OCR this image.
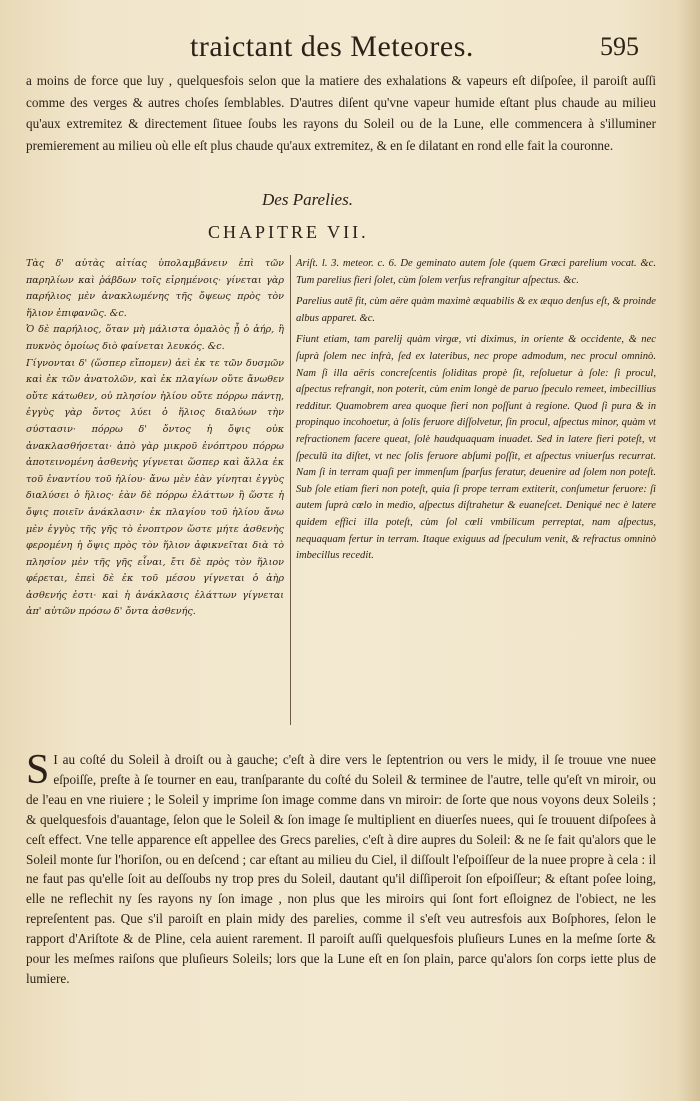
traictant des Meteores.	595

a moins de force que luy , quelquesfois selon que la matiere des exhalations & vapeurs eſt diſpoſee, il paroiſt auſſi comme des verges & autres choſes ſemblables. D'autres diſent qu'vne vapeur humide eſtant plus chaude au milieu qu'aux extremitez & directement ſituee ſoubs les rayons du Soleil ou de la Lune, elle commencera à s'illuminer premierement au milieu où elle eſt plus chaude qu'aux extremitez, & en ſe dilatant en rond elle fait la couronne.

Des Parelies.
CHAPITRE VII.

Τὰς δ' αὐτὰς αἰτίας ὑπολαμβάνειν ἐπὶ τῶν παρηλίων καὶ ῥάβδων τοῖς εἰρημένοις· γίνεται γὰρ παρήλιος μὲν ἀνακλωμένης τῆς ὄψεως πρὸς τὸν ἥλιον ἐπιφανῶς. &c.

Ὁ δὲ παρήλιος, ὅταν μὴ μάλιστα ὁμαλὸς ᾖ ὁ ἀήρ, ἢ πυκνὸς ὁμοίως διὸ φαίνεται λευκός. &c.

Γίγνονται δ' (ὥσπερ εἴπομεν) ἀεὶ ἐκ τε τῶν δυσμῶν καὶ ἐκ τῶν ἀνατολῶν, καὶ ἐκ πλαγίων οὔτε ἄνωθεν οὔτε κάτωθεν, οὐ πλησίον ἡλίου οὔτε πόρρω πάντῃ, ἐγγὺς γὰρ ὄντος λύει ὁ ἥλιος διαλύων τὴν σύστασιν· πόρρω δ' ὄντος ἡ ὄψις οὐκ ἀνακλασθήσεται· ἀπὸ γὰρ μικροῦ ἐνόπτρου πόρρω ἀποτεινομένη ἀσθενὴς γίγνεται ὥσπερ καὶ ἄλλα ἐκ τοῦ ἐναντίου τοῦ ἡλίου· ἄνω μὲν ἐὰν γίνηται ἐγγὺς διαλύσει ὁ ἥλιος· ἐὰν δὲ πόρρω ἐλάττων ἢ ὥστε ἡ ὄψις ποιεῖν ἀνάκλασιν· ἐκ πλαγίου τοῦ ἡλίου ἄνω μὲν ἐγγὺς τῆς γῆς τὸ ἐνοπτρον ὥστε μήτε ἀσθενὴς φερομένη ἡ ὄψις πρὸς τὸν ἥλιον ἀφικνεῖται διὰ τὸ πλησίον μὲν τῆς γῆς εἶναι, ἔτι δὲ πρὸς τὸν ἥλιον φέρεται, ἐπεὶ δὲ ἐκ τοῦ μέσου γίγνεται ὁ ἀὴρ ἀσθενής ἐστι· καὶ ἡ ἀνάκλασις ἐλάττων γίγνεται ἀπ' αὐτῶν πρόσω δ' ὄντα ἀσθενής.

Ariſt. l. 3. meteor. c. 6. De geminato autem ſole (quem Græci parelium vocat. &c. Tum parelius fieri ſolet, cùm ſolem verſus refrangitur aſpectus. &c.

Parelius autē fit, cùm aëre quàm maximè æquabilis & ex æquo denſus eſt, & proinde albus apparet. &c.

Fiunt etiam, tam parelij quàm virgæ, vti diximus, in oriente & occidente, & nec ſuprà ſolem nec infrà, ſed ex lateribus, nec prope admodum, nec procul omninò. Nam ſi illa aëris concreſcentis ſoliditas propè ſit, reſoluetur à ſole: ſi procul, aſpectus refrangit, non poterit, cùm enim longè de paruo ſpeculo remeet, imbecillius redditur. Quamobrem area quoque fieri non poſſunt à regione. Quod ſi pura & in propinquo incohoetur, à ſolis feruore diſſolvetur, ſin procul, aſpectus minor, quàm vt refractionem facere queat, ſolè haudquaquam inuadet. Sed in latere fieri poteſt, vt ſpeculū ita diſtet, vt nec ſolis feruore abſumi poſſit, et aſpectus vniuerſus recurrat. Nam ſi in terram quaſi per immenſum ſparſus feratur, deuenire ad ſolem non poteſt. Sub ſole etiam fieri non poteſt, quia ſi prope terram extiterit, conſumetur feruore: ſi autem ſuprà cœlo in medio, aſpectus diſtrahetur & euaneſcet. Deniqué nec è latere quidem effici illa poteſt, cùm ſol cœli vmbilicum perreptat, nam aſpectus, nequaquam fertur in terram. Itaque exiguus ad ſpeculum venit, & refractus omninò imbecillus recedit.

S I au coſté du Soleil à droiſt ou à gauche; c'eſt à dire vers le ſeptentrion ou vers le midy, il ſe trouue vne nuee eſpoiſſe, preſte à ſe tourner en eau, tranſparante du coſté du Soleil & terminee de l'autre, telle qu'eſt vn miroir, ou de l'eau en vne riuiere ; le Soleil y imprime ſon image comme dans vn miroir: de ſorte que nous voyons deux Soleils ; & quelquesfois d'auantage, ſelon que le Soleil & ſon image ſe multiplient en diuerſes nuees, qui ſe trouuent diſpoſees à ceſt effect. Vne telle apparence eſt appellee des Grecs parelies, c'eſt à dire aupres du Soleil: & ne ſe fait qu'alors que le Soleil monte ſur l'horiſon, ou en deſcend ; car eſtant au milieu du Ciel, il diſſoult l'eſpoiſſeur de la nuee propre à cela : il ne faut pas qu'elle ſoit au deſſoubs ny trop pres du Soleil, dautant qu'il diſſiperoit ſon eſpoiſſeur; & eſtant poſee loing, elle ne reflechit ny ſes rayons ny ſon image , non plus que les miroirs qui ſont fort eſloignez de l'obiect, ne les repreſentent pas. Que s'il paroiſt en plain midy des parelies, comme il s'eſt veu autresfois aux Boſphores, ſelon le rapport d'Ariſtote & de Pline, cela auient rarement. Il paroiſt auſſi quelquesfois pluſieurs Lunes en la meſme ſorte & pour les meſmes raiſons que pluſieurs Soleils; lors que la Lune eſt en ſon plain, parce qu'alors ſon corps iette plus de lumiere.
